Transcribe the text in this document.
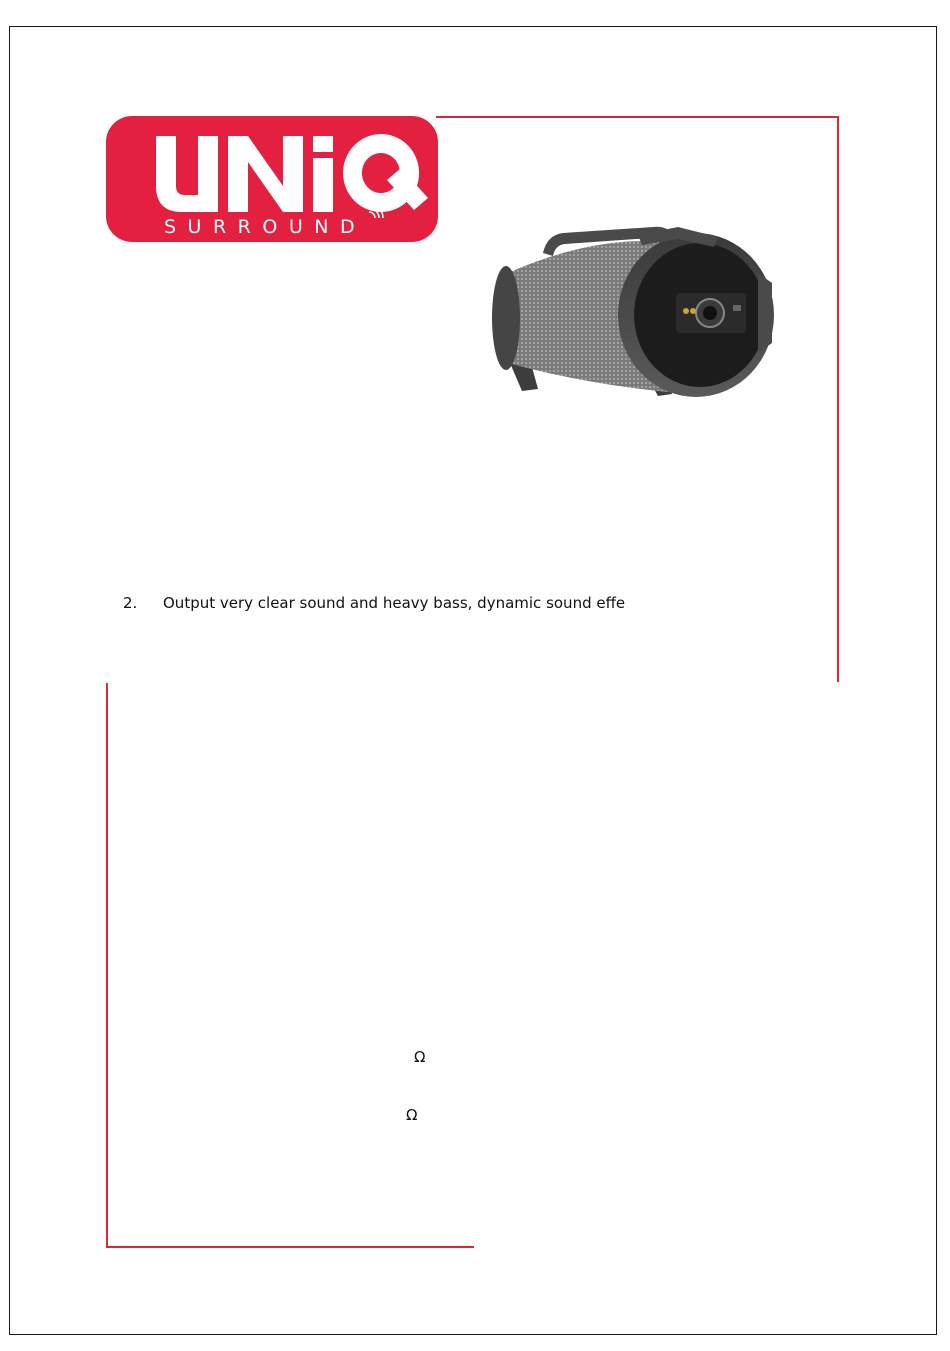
SURROUND
2. Output very clear sound and heavy bass, dynamic sound effe
Ω
Ω
